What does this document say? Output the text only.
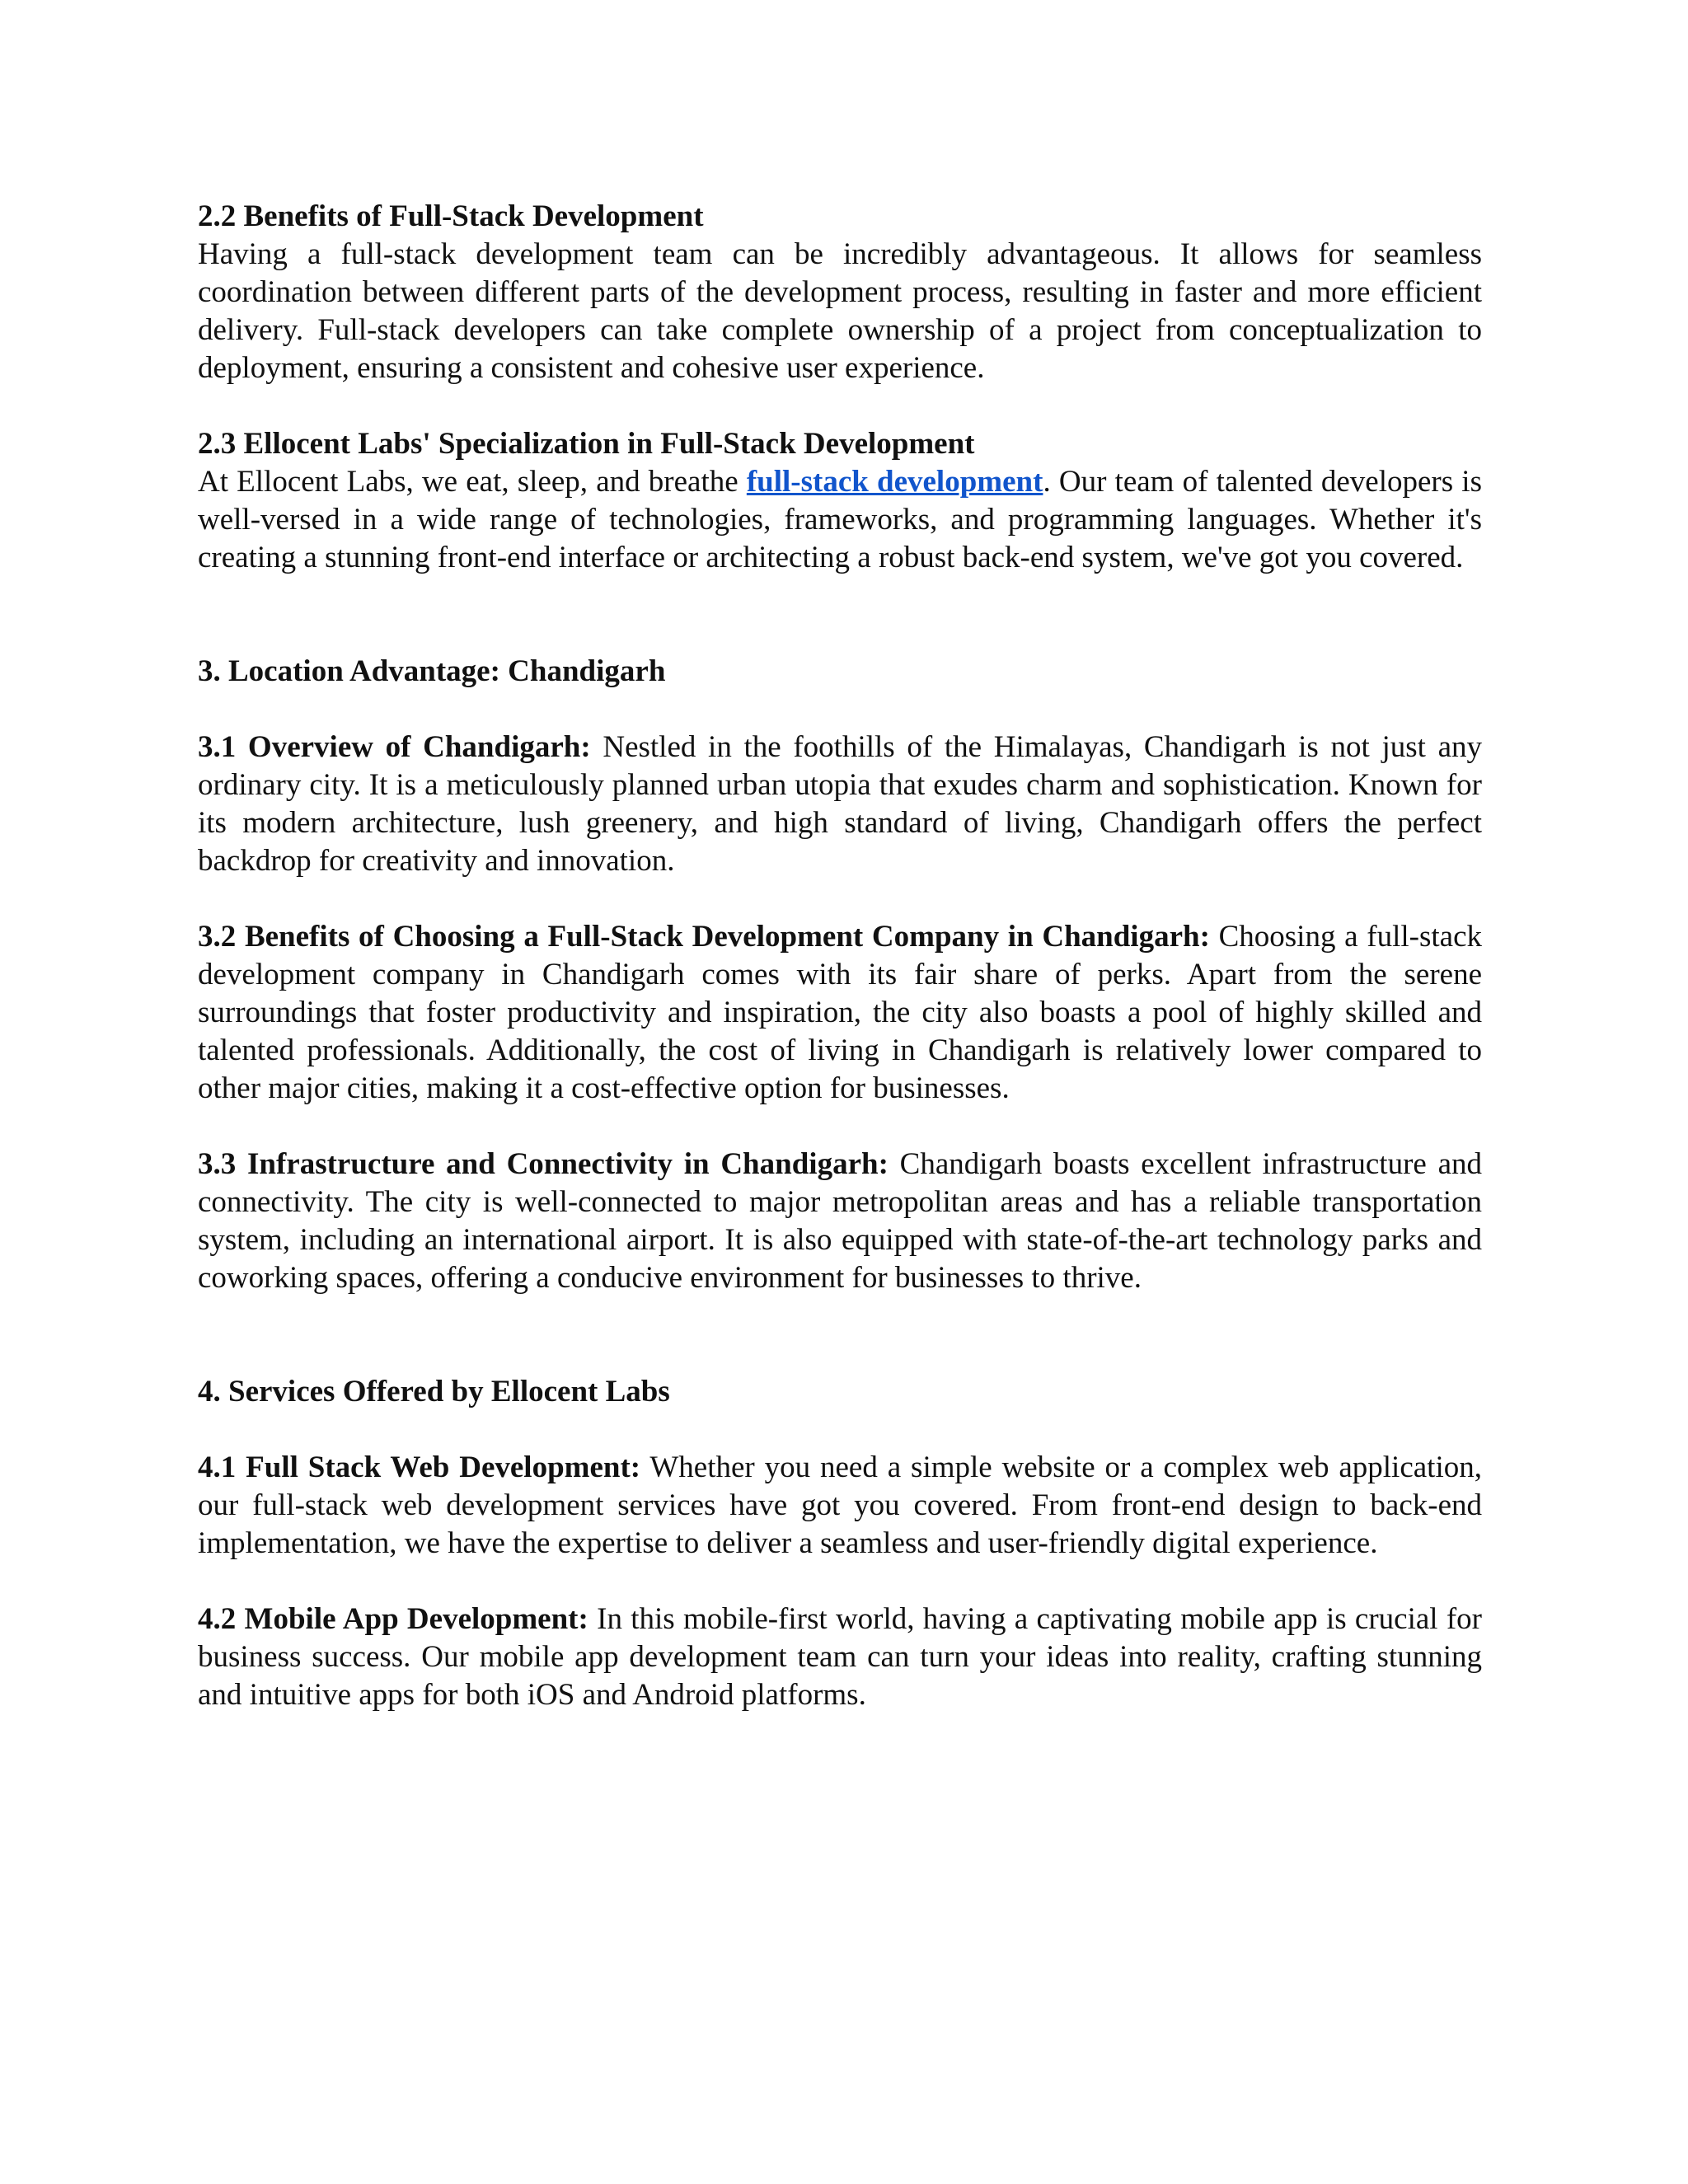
2.2 Benefits of Full-Stack Development

Having a full-stack development team can be incredibly advantageous. It allows for seamless coordination between different parts of the development process, resulting in faster and more efficient delivery. Full-stack developers can take complete ownership of a project from conceptualization to deployment, ensuring a consistent and cohesive user experience.

2.3 Ellocent Labs' Specialization in Full-Stack Development

At Ellocent Labs, we eat, sleep, and breathe full-stack development. Our team of talented developers is well-versed in a wide range of technologies, frameworks, and programming languages. Whether it's creating a stunning front-end interface or architecting a robust back-end system, we've got you covered.

3. Location Advantage: Chandigarh

3.1 Overview of Chandigarh: Nestled in the foothills of the Himalayas, Chandigarh is not just any ordinary city. It is a meticulously planned urban utopia that exudes charm and sophistication. Known for its modern architecture, lush greenery, and high standard of living, Chandigarh offers the perfect backdrop for creativity and innovation.

3.2 Benefits of Choosing a Full-Stack Development Company in Chandigarh: Choosing a full-stack development company in Chandigarh comes with its fair share of perks. Apart from the serene surroundings that foster productivity and inspiration, the city also boasts a pool of highly skilled and talented professionals. Additionally, the cost of living in Chandigarh is relatively lower compared to other major cities, making it a cost-effective option for businesses.

3.3 Infrastructure and Connectivity in Chandigarh: Chandigarh boasts excellent infrastructure and connectivity. The city is well-connected to major metropolitan areas and has a reliable transportation system, including an international airport. It is also equipped with state-of-the-art technology parks and coworking spaces, offering a conducive environment for businesses to thrive.

4. Services Offered by Ellocent Labs

4.1 Full Stack Web Development: Whether you need a simple website or a complex web application, our full-stack web development services have got you covered. From front-end design to back-end implementation, we have the expertise to deliver a seamless and user-friendly digital experience.

4.2 Mobile App Development: In this mobile-first world, having a captivating mobile app is crucial for business success. Our mobile app development team can turn your ideas into reality, crafting stunning and intuitive apps for both iOS and Android platforms.
